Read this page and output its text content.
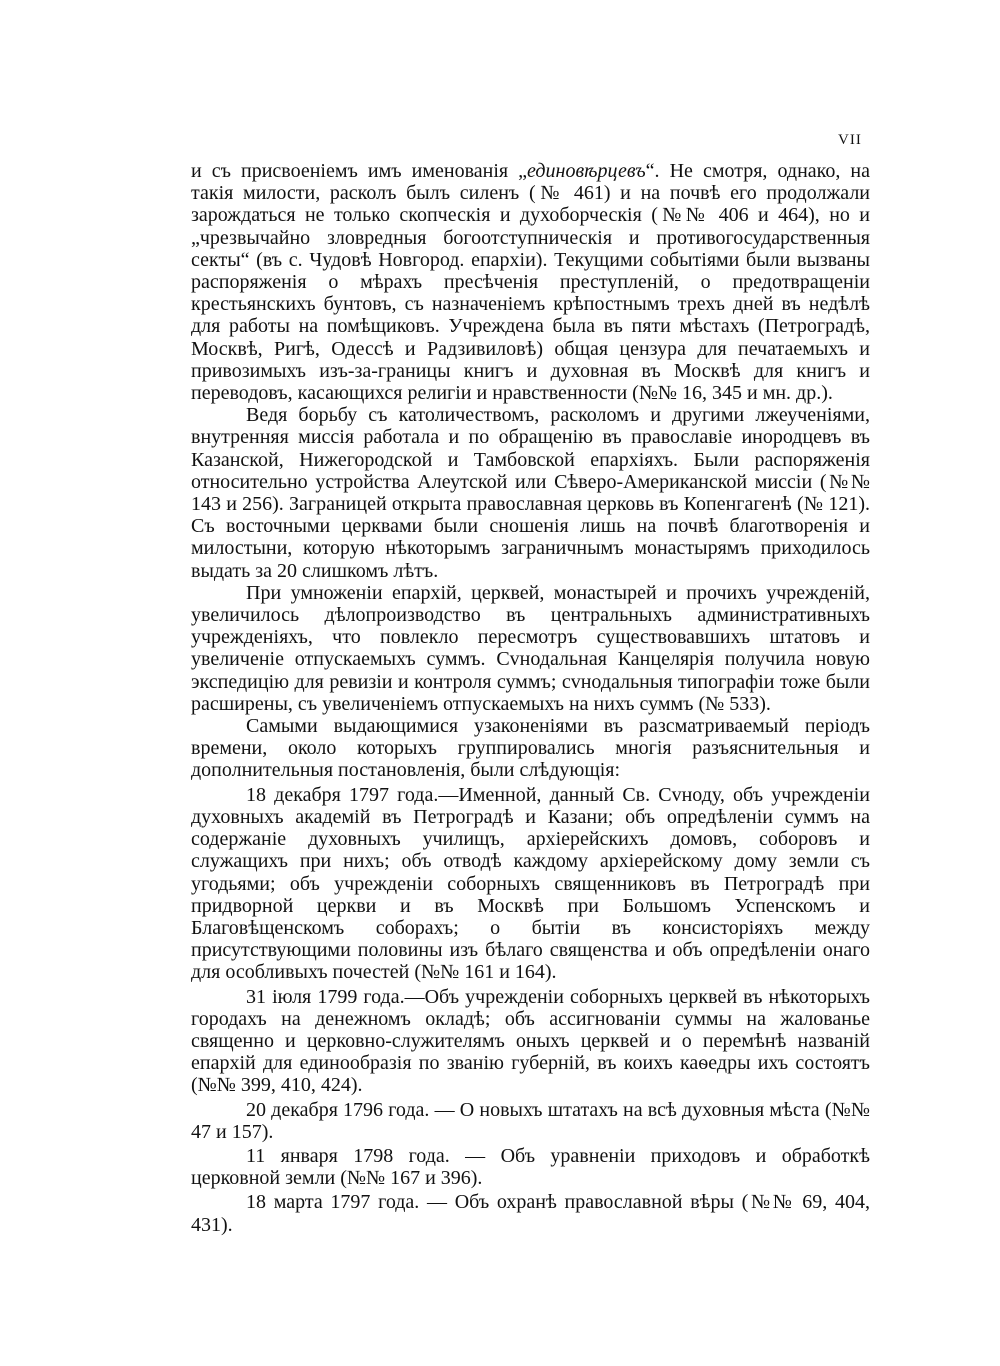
VII

и съ присвоеніемъ имъ именованія „единовѣрцевъ“. Не смотря, однако, на такія милости, расколъ былъ силенъ (№ 461) и на почвѣ его продолжали зарождаться не только скопческія и духоборческія (№№ 406 и 464), но и „чрезвычайно зловредныя богоотступническія и противогосударственныя секты“ (въ с. Чудовѣ Новгород. епархіи). Текущими событіями были вызваны распоряженія о мѣрахъ пресѣченія преступленій, о предотвращеніи крестьянскихъ бунтовъ, съ назначеніемъ крѣпостнымъ трехъ дней въ недѣлѣ для работы на помѣщиковъ. Учреждена была въ пяти мѣстахъ (Петроградѣ, Москвѣ, Ригѣ, Одессѣ и Радзивиловѣ) общая цензура для печатаемыхъ и привозимыхъ изъ-за-границы книгъ и духовная въ Москвѣ для книгъ и переводовъ, касающихся религіи и нравственности (№№ 16, 345 и мн. др.).

Ведя борьбу съ католичествомъ, расколомъ и другими лжеученіями, внутренняя миссія работала и по обращенію въ православіе инородцевъ въ Казанской, Нижегородской и Тамбовской епархіяхъ. Были распоряженія относительно устройства Алеутской или Сѣверо-Американской миссіи (№№ 143 и 256). Заграницей открыта православная церковь въ Копенгагенѣ (№ 121). Съ восточными церквами были сношенія лишь на почвѣ благотворенія и милостыни, которую нѣкоторымъ заграничнымъ монастырямъ приходилось выдать за 20 слишкомъ лѣтъ.

При умноженіи епархій, церквей, монастырей и прочихъ учрежденій, увеличилось дѣлопроизводство въ центральныхъ административныхъ учрежденіяхъ, что повлекло пересмотръ существовавшихъ штатовъ и увеличеніе отпускаемыхъ суммъ. Сvнодальная Канцелярія получила новую экспедицію для ревизіи и контроля суммъ; сvнодальныя типографіи тоже были расширены, съ увеличеніемъ отпускаемыхъ на нихъ суммъ (№ 533).

Самыми выдающимися узаконеніями въ разсматриваемый періодъ времени, около которыхъ группировались многія разъяснительныя и дополнительныя постановленія, были слѣдующія:

18 декабря 1797 года.—Именной, данный Св. Сvноду, объ учрежденіи духовныхъ академій въ Петроградѣ и Казани; объ опредѣленіи суммъ на содержаніе духовныхъ училищъ, архіерейскихъ домовъ, соборовъ и служащихъ при нихъ; объ отводѣ каждому архіерейскому дому земли съ угодьями; объ учрежденіи соборныхъ священниковъ въ Петроградѣ при придворной церкви и въ Москвѣ при Большомъ Успенскомъ и Благовѣщенскомъ соборахъ; о бытіи въ консисторіяхъ между присутствующими половины изъ бѣлаго священства и объ опредѣленіи онаго для особливыхъ почестей (№№ 161 и 164).

31 іюля 1799 года.—Объ учрежденіи соборныхъ церквей въ нѣкоторыхъ городахъ на денежномъ окладѣ; объ ассигнованіи суммы на жалованье священно и церковно-служителямъ оныхъ церквей и о перемѣнѣ названій епархій для единообразія по званію губерній, въ коихъ каѳедры ихъ состоятъ (№№ 399, 410, 424).

20 декабря 1796 года. — О новыхъ штатахъ на всѣ духовныя мѣста (№№ 47 и 157).

11 января 1798 года. — Объ уравненіи приходовъ и обработкѣ церковной земли (№№ 167 и 396).

18 марта 1797 года. — Объ охранѣ православной вѣры (№№ 69, 404, 431).
